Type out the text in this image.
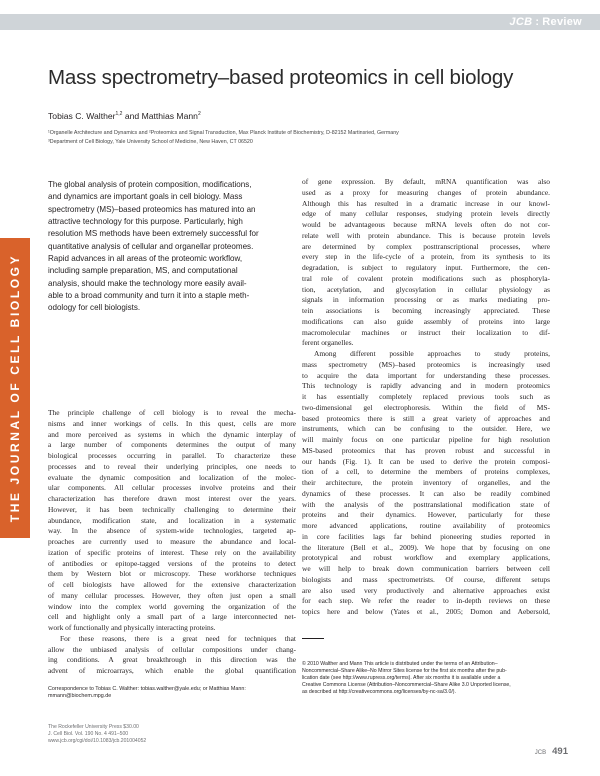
JCB : Review
THE JOURNAL OF CELL BIOLOGY
Mass spectrometry–based proteomics in cell biology
Tobias C. Walther$^{1,2}$ and Matthias Mann$^2$
¹Organelle Architecture and Dynamics and ²Proteomics and Signal Transduction, Max Planck Institute of Biochemistry, D-82152 Martinsried, Germany
³Department of Cell Biology, Yale University School of Medicine, New Haven, CT 06520
The global analysis of protein composition, modifications,
and dynamics are important goals in cell biology. Mass
spectrometry (MS)–based proteomics has matured into an
attractive technology for this purpose. Particularly, high
resolution MS methods have been extremely successful for
quantitative analysis of cellular and organellar proteomes.
Rapid advances in all areas of the proteomic workflow,
including sample preparation, MS, and computational
analysis, should make the technology more easily avail-
able to a broad community and turn it into a staple meth-
odology for cell biologists.
The principle challenge of cell biology is to reveal the mecha-
nisms and inner workings of cells. In this quest, cells are more
and more perceived as systems in which the dynamic interplay of
a large number of components determines the output of many
biological processes occurring in parallel. To characterize these
processes and to reveal their underlying principles, one needs to
evaluate the dynamic composition and localization of the molec-
ular components. All cellular processes involve proteins and their
characterization has therefore drawn most interest over the years.
However, it has been technically challenging to determine their
abundance, modification state, and localization in a systematic
way. In the absence of system-wide technologies, targeted ap-
proaches are currently used to measure the abundance and local-
ization of specific proteins of interest. These rely on the availability
of antibodies or epitope-tagged versions of the proteins to detect
them by Western blot or microscopy. These workhorse techniques
of cell biologists have allowed for the extensive characterization
of many cellular processes. However, they often just open a small
window into the complex world governing the organization of the
cell and highlight only a small part of a large interconnected net-
work of functionally and physically interacting proteins.
For these reasons, there is a great need for techniques that
allow the unbiased analysis of cellular compositions under chang-
ing conditions. A great breakthrough in this direction was the
advent of microarrays, which enable the global quantification
of gene expression. By default, mRNA quantification was also
used as a proxy for measuring changes of protein abundance.
Although this has resulted in a dramatic increase in our knowl-
edge of many cellular responses, studying protein levels directly
would be advantageous because mRNA levels often do not cor-
relate well with protein abundance. This is because protein levels
are determined by complex posttranscriptional processes, where
every step in the life-cycle of a protein, from its synthesis to its
degradation, is subject to regulatory input. Furthermore, the cen-
tral role of covalent protein modifications such as phosphoryla-
tion, acetylation, and glycosylation in cellular physiology as
signals in information processing or as marks mediating pro-
tein associations is becoming increasingly appreciated. These
modifications can also guide assembly of proteins into large
macromolecular machines or instruct their localization to dif-
ferent organelles.
Among different possible approaches to study proteins,
mass spectrometry (MS)–based proteomics is increasingly used
to acquire the data important for understanding these processes.
This technology is rapidly advancing and in modern proteomics
it has essentially completely replaced previous tools such as
two-dimensional gel electrophoresis. Within the field of MS-
based proteomics there is still a great variety of approaches and
instruments, which can be confusing to the outsider. Here, we
will mainly focus on one particular pipeline for high resolution
MS-based proteomics that has proven robust and successful in
our hands (Fig. 1). It can be used to derive the protein composi-
tion of a cell, to determine the members of proteins complexes,
their architecture, the protein inventory of organelles, and the
dynamics of these processes. It can also be readily combined
with the analysis of the posttranslational modification state of
proteins and their dynamics. However, particularly for these
more advanced applications, routine availability of proteomics
in core facilities lags far behind pioneering studies reported in
the literature (Bell et al., 2009). We hope that by focusing on one
prototypical and robust workflow and exemplary applications,
we will help to break down communication barriers between cell
biologists and mass spectrometrists. Of course, different setups
are also used very productively and alternative approaches exist
for each step. We refer the reader to in-depth reviews on these
topics here and below (Yates et al., 2005; Domon and Aebersold,
Correspondence to Tobias C. Walther: tobias.walther@yale.edu; or Matthias Mann:
mmann@biochem.mpg.de
© 2010 Walther and Mann This article is distributed under the terms of an Attribution–
Noncommercial–Share Alike–No Mirror Sites license for the first six months after the pub-
lication date (see http://www.rupress.org/terms). After six months it is available under a
Creative Commons License (Attribution–Noncommercial–Share Alike 3.0 Unported license,
as described at http://creativecommons.org/licenses/by-nc-sa/3.0/).
The Rockefeller University Press $30.00
J. Cell Biol. Vol. 190 No. 4 491–500
www.jcb.org/cgi/doi/10.1083/jcb.201004052
JCB 491
